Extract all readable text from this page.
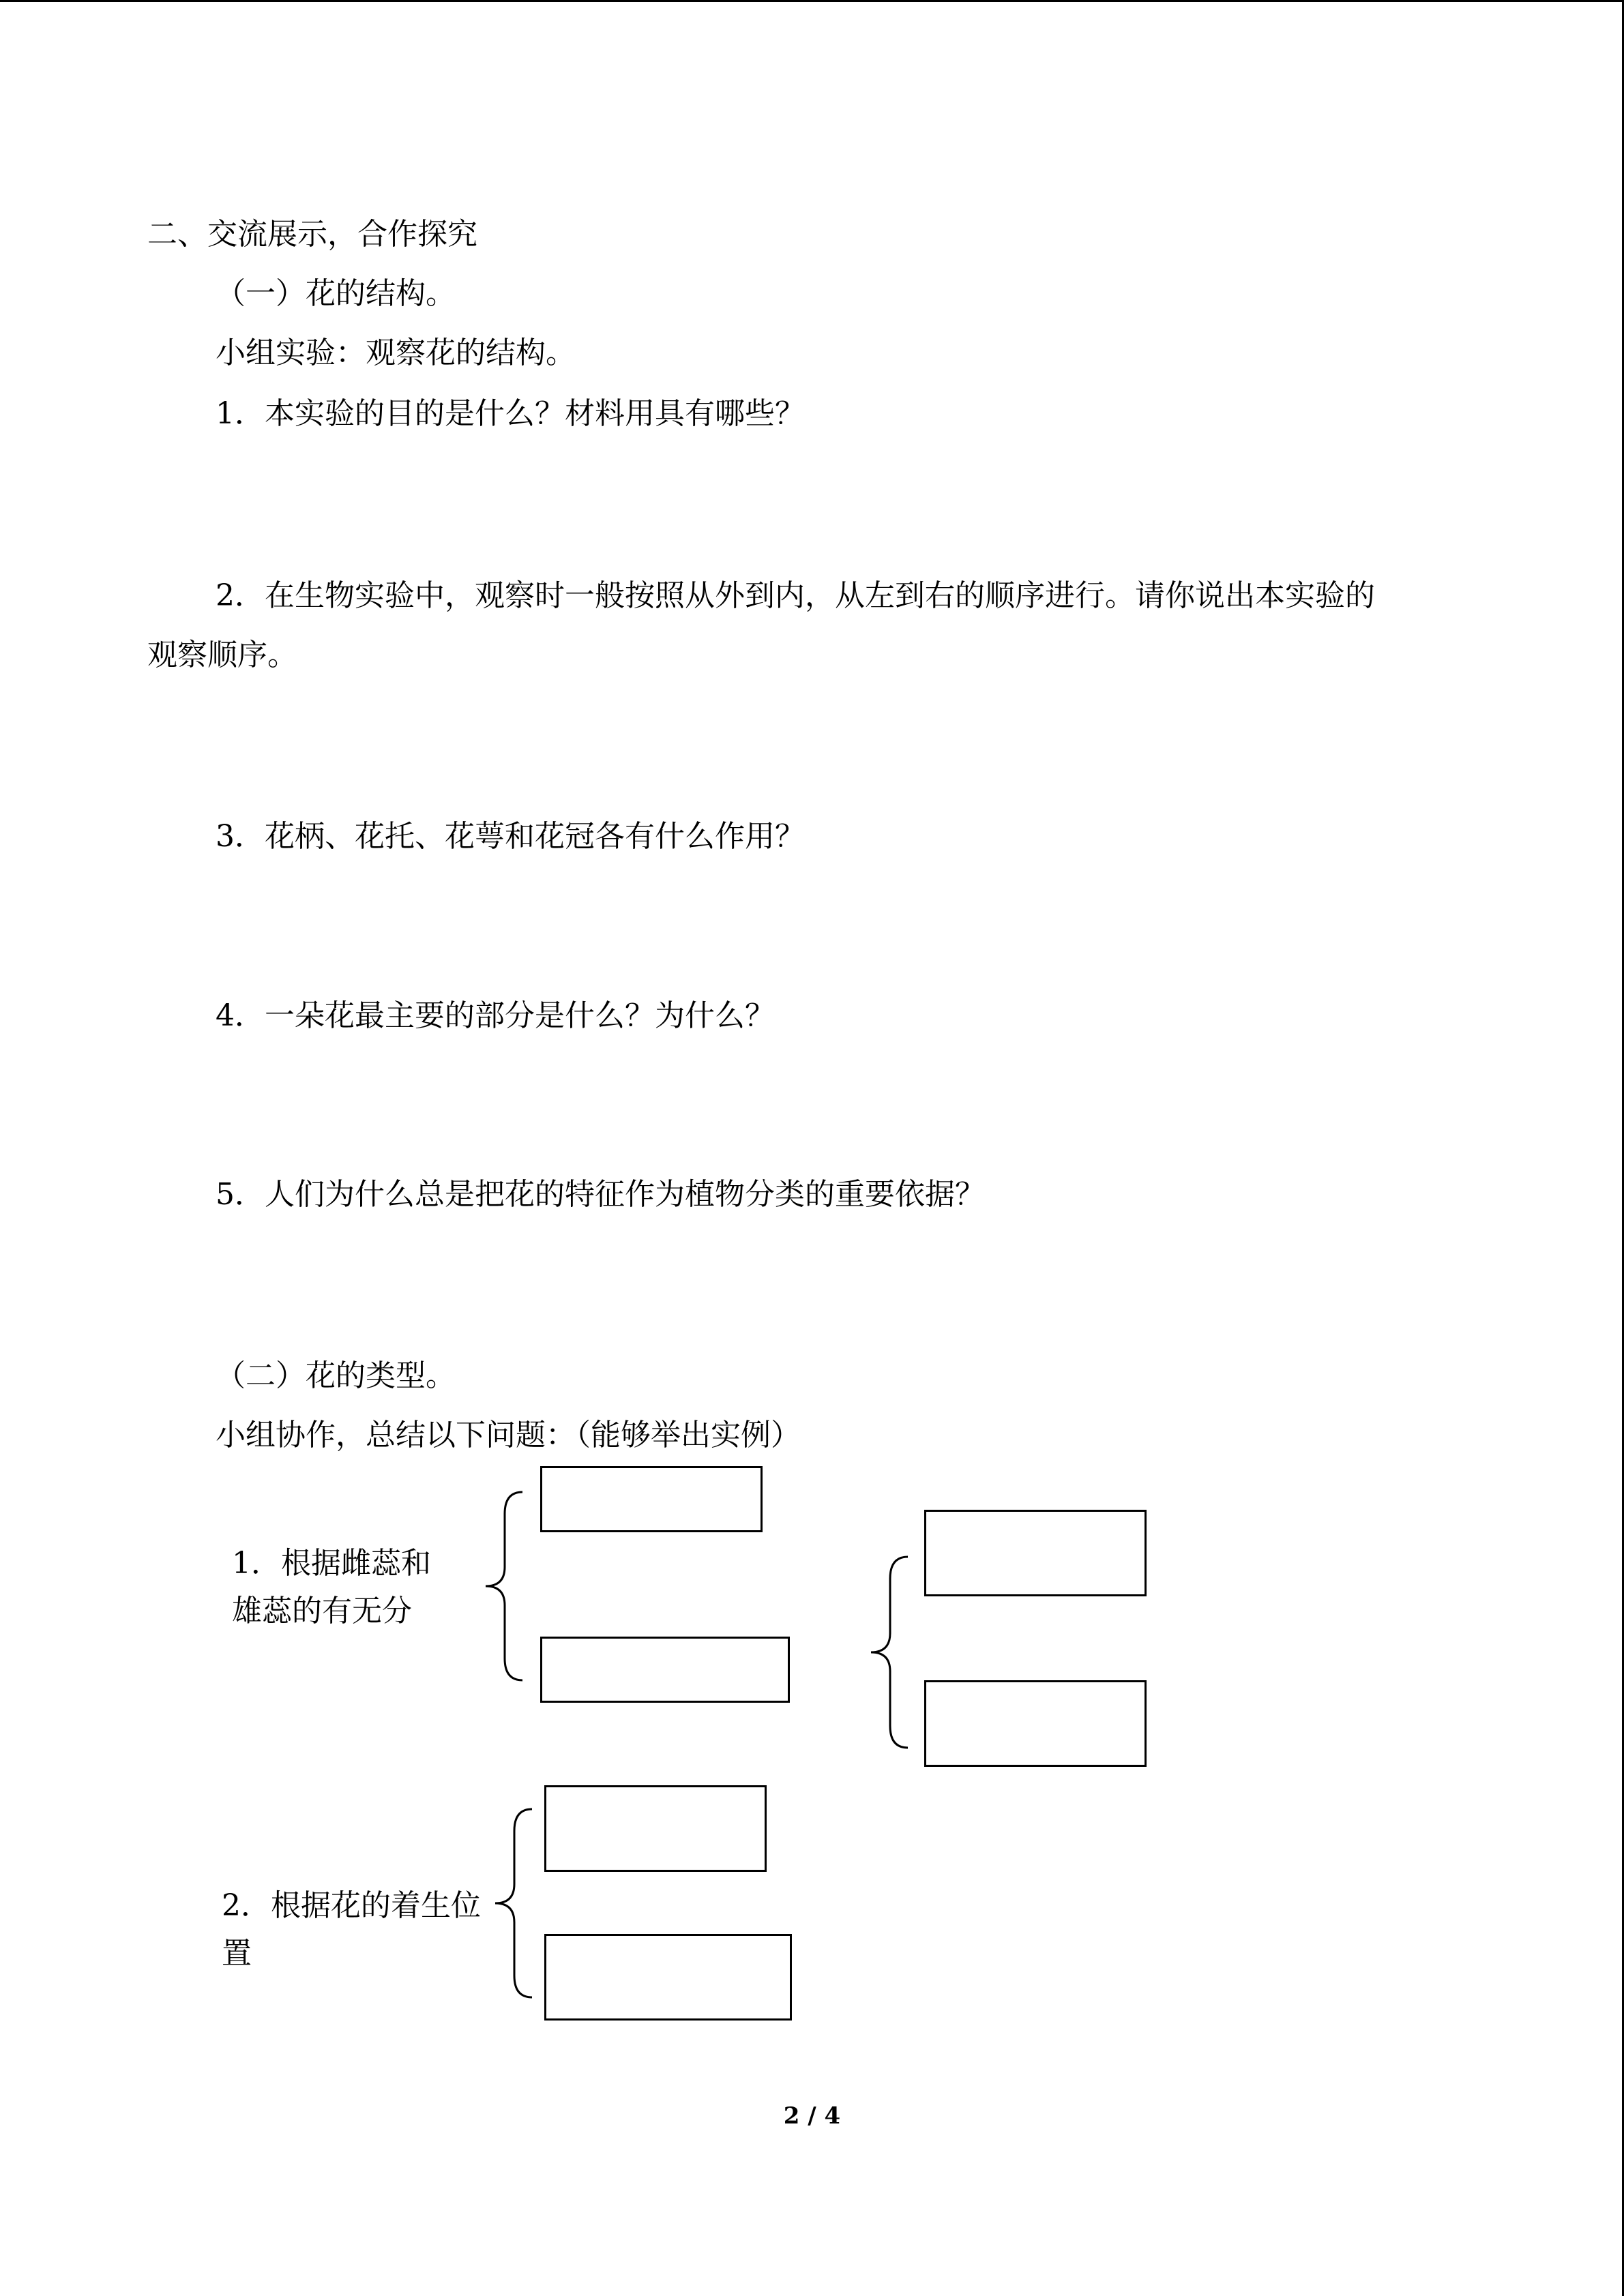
二、交流展示，合作探究
（一）花的结构。
小组实验：观察花的结构。
1．本实验的目的是什么？材料用具有哪些？
2．在生物实验中，观察时一般按照从外到内，从左到右的顺序进行。请你说出本实验的
观察顺序。
3．花柄、花托、花萼和花冠各有什么作用？
4．一朵花最主要的部分是什么？为什么？
5．人们为什么总是把花的特征作为植物分类的重要依据？
（二）花的类型。
小组协作，总结以下问题：（能够举出实例）
1．根据雌蕊和雄蕊的有无分
2．根据花的着生位置
2 / 4
